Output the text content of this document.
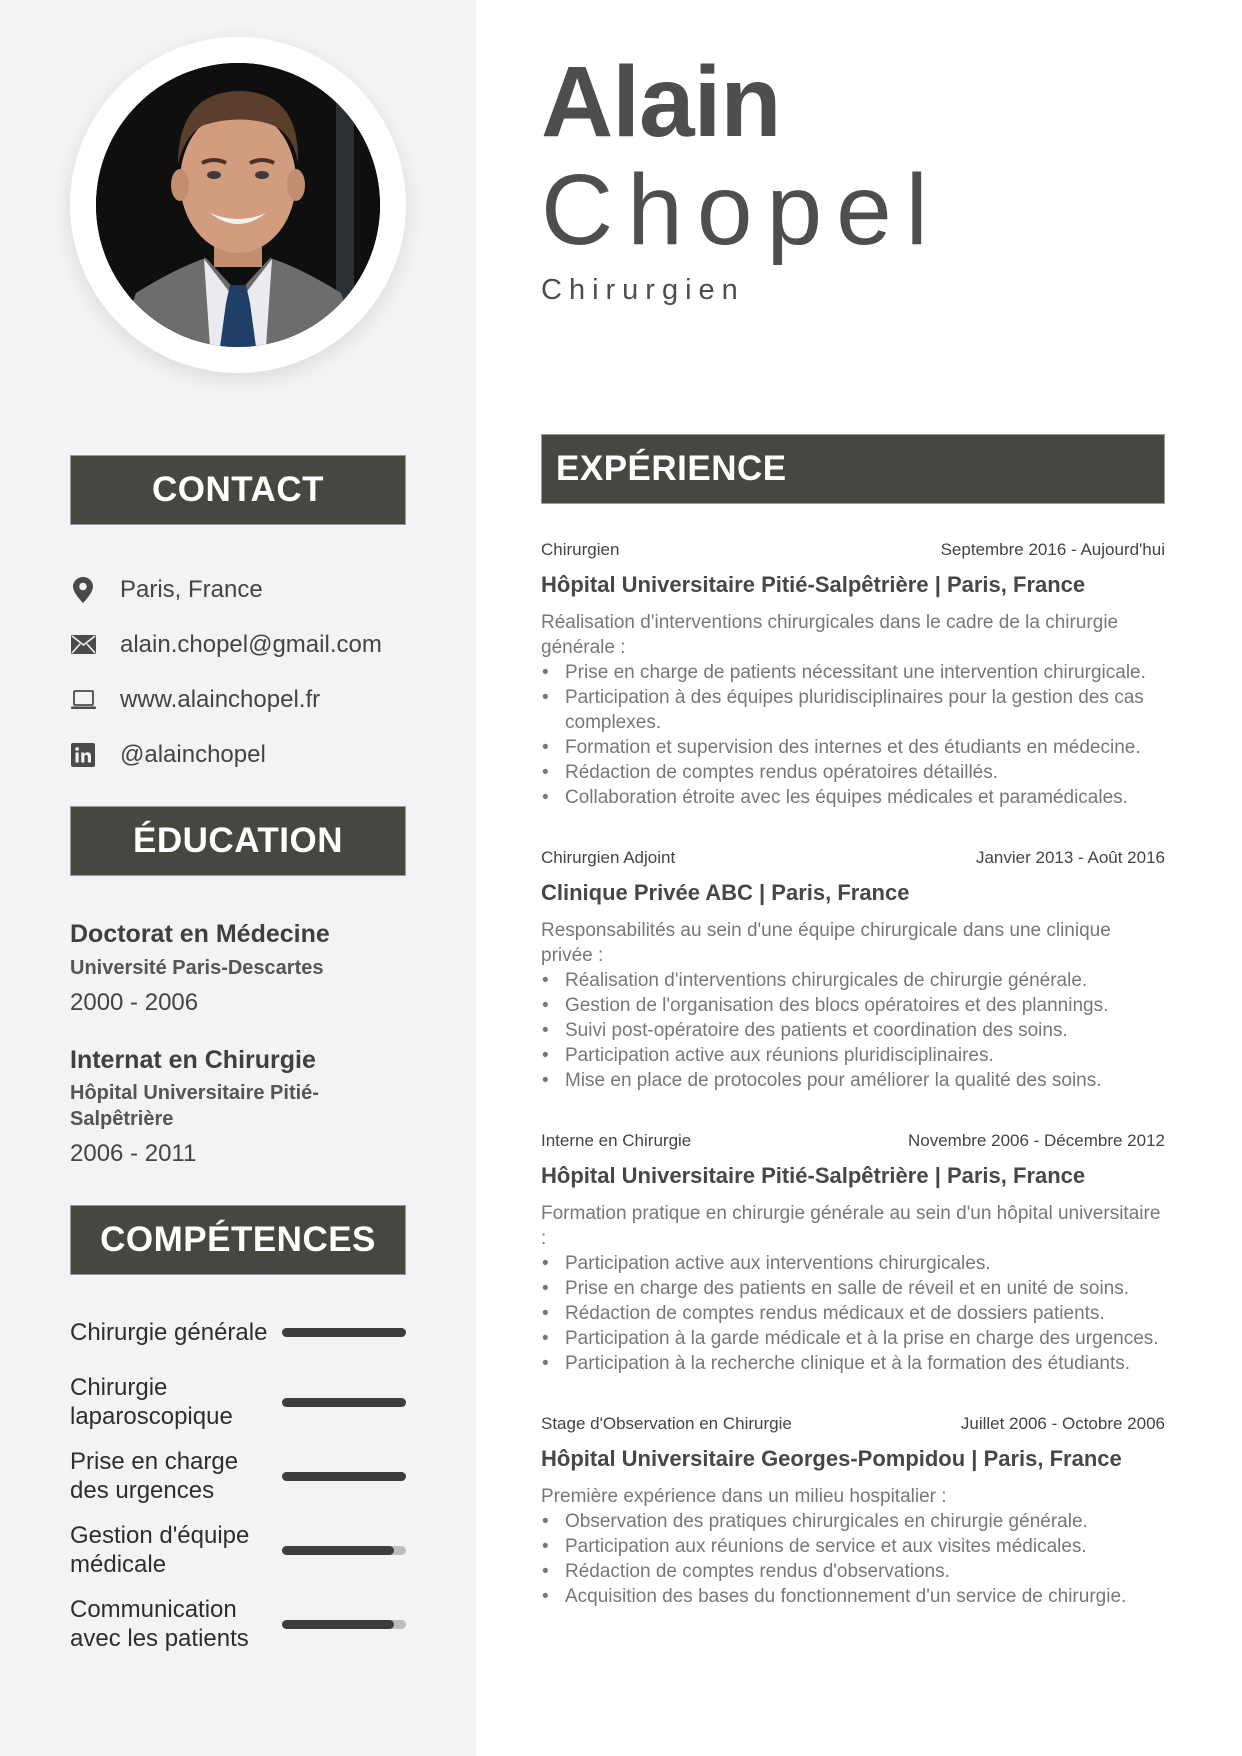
CONTACT
Paris, France
alain.chopel@gmail.com
www.alainchopel.fr
@alainchopel
ÉDUCATION
Doctorat en Médecine
Université Paris-Descartes
2000 - 2006
Internat en Chirurgie
Hôpital Universitaire Pitié-Salpêtrière
2006 - 2011
COMPÉTENCES
Chirurgie générale
Chirurgie laparoscopique
Prise en charge des urgences
Gestion d'équipe médicale
Communication avec les patients
Alain
Chopel
Chirurgien
EXPÉRIENCE
Chirurgien	Septembre 2016 - Aujourd'hui
Hôpital Universitaire Pitié-Salpêtrière | Paris, France
Réalisation d'interventions chirurgicales dans le cadre de la chirurgie générale :
• Prise en charge de patients nécessitant une intervention chirurgicale.
• Participation à des équipes pluridisciplinaires pour la gestion des cas complexes.
• Formation et supervision des internes et des étudiants en médecine.
• Rédaction de comptes rendus opératoires détaillés.
• Collaboration étroite avec les équipes médicales et paramédicales.
Chirurgien Adjoint	Janvier 2013 - Août 2016
Clinique Privée ABC | Paris, France
Responsabilités au sein d'une équipe chirurgicale dans une clinique privée :
• Réalisation d'interventions chirurgicales de chirurgie générale.
• Gestion de l'organisation des blocs opératoires et des plannings.
• Suivi post-opératoire des patients et coordination des soins.
• Participation active aux réunions pluridisciplinaires.
• Mise en place de protocoles pour améliorer la qualité des soins.
Interne en Chirurgie	Novembre 2006 - Décembre 2012
Hôpital Universitaire Pitié-Salpêtrière | Paris, France
Formation pratique en chirurgie générale au sein d'un hôpital universitaire :
• Participation active aux interventions chirurgicales.
• Prise en charge des patients en salle de réveil et en unité de soins.
• Rédaction de comptes rendus médicaux et de dossiers patients.
• Participation à la garde médicale et à la prise en charge des urgences.
• Participation à la recherche clinique et à la formation des étudiants.
Stage d'Observation en Chirurgie	Juillet 2006 - Octobre 2006
Hôpital Universitaire Georges-Pompidou | Paris, France
Première expérience dans un milieu hospitalier :
• Observation des pratiques chirurgicales en chirurgie générale.
• Participation aux réunions de service et aux visites médicales.
• Rédaction de comptes rendus d'observations.
• Acquisition des bases du fonctionnement d'un service de chirurgie.
